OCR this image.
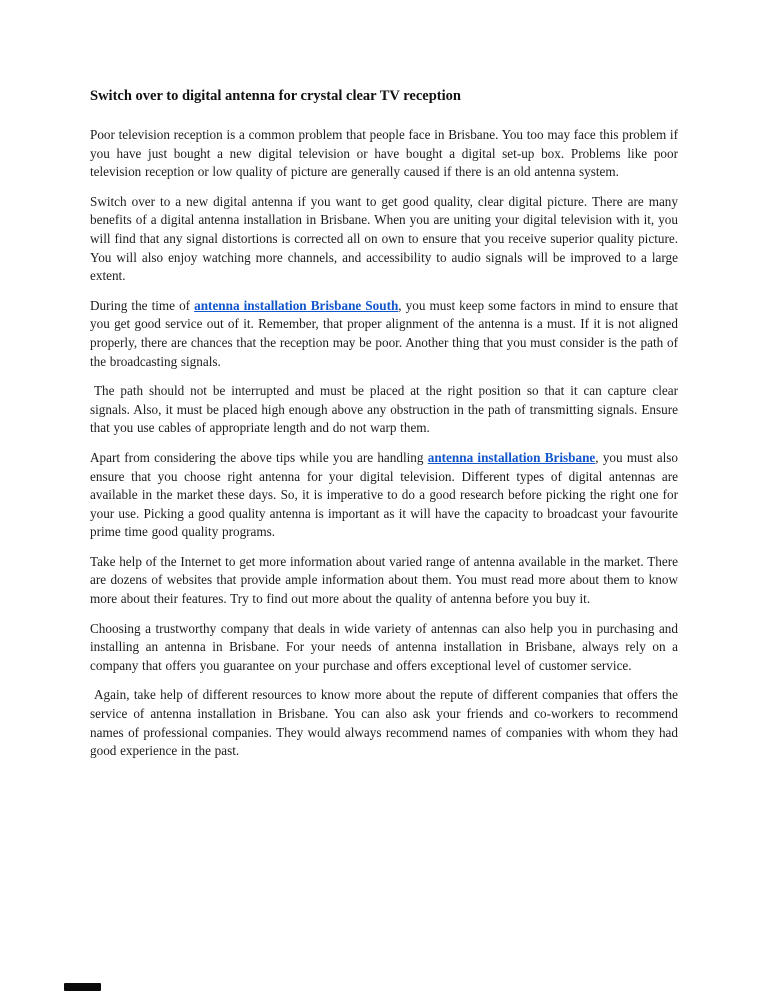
Switch over to digital antenna for crystal clear TV reception

Poor television reception is a common problem that people face in Brisbane. You too may face this problem if you have just bought a new digital television or have bought a digital set-up box. Problems like poor television reception or low quality of picture are generally caused if there is an old antenna system.

Switch over to a new digital antenna if you want to get good quality, clear digital picture. There are many benefits of a digital antenna installation in Brisbane. When you are uniting your digital television with it, you will find that any signal distortions is corrected all on own to ensure that you receive superior quality picture. You will also enjoy watching more channels, and accessibility to audio signals will be improved to a large extent.

During the time of antenna installation Brisbane South, you must keep some factors in mind to ensure that you get good service out of it. Remember, that proper alignment of the antenna is a must. If it is not aligned properly, there are chances that the reception may be poor. Another thing that you must consider is the path of the broadcasting signals.

The path should not be interrupted and must be placed at the right position so that it can capture clear signals. Also, it must be placed high enough above any obstruction in the path of transmitting signals. Ensure that you use cables of appropriate length and do not warp them.

Apart from considering the above tips while you are handling antenna installation Brisbane, you must also ensure that you choose right antenna for your digital television. Different types of digital antennas are available in the market these days. So, it is imperative to do a good research before picking the right one for your use. Picking a good quality antenna is important as it will have the capacity to broadcast your favourite prime time good quality programs.

Take help of the Internet to get more information about varied range of antenna available in the market. There are dozens of websites that provide ample information about them. You must read more about them to know more about their features. Try to find out more about the quality of antenna before you buy it.

Choosing a trustworthy company that deals in wide variety of antennas can also help you in purchasing and installing an antenna in Brisbane. For your needs of antenna installation in Brisbane, always rely on a company that offers you guarantee on your purchase and offers exceptional level of customer service.

Again, take help of different resources to know more about the repute of different companies that offers the service of antenna installation in Brisbane. You can also ask your friends and co-workers to recommend names of professional companies. They would always recommend names of companies with whom they had good experience in the past.
